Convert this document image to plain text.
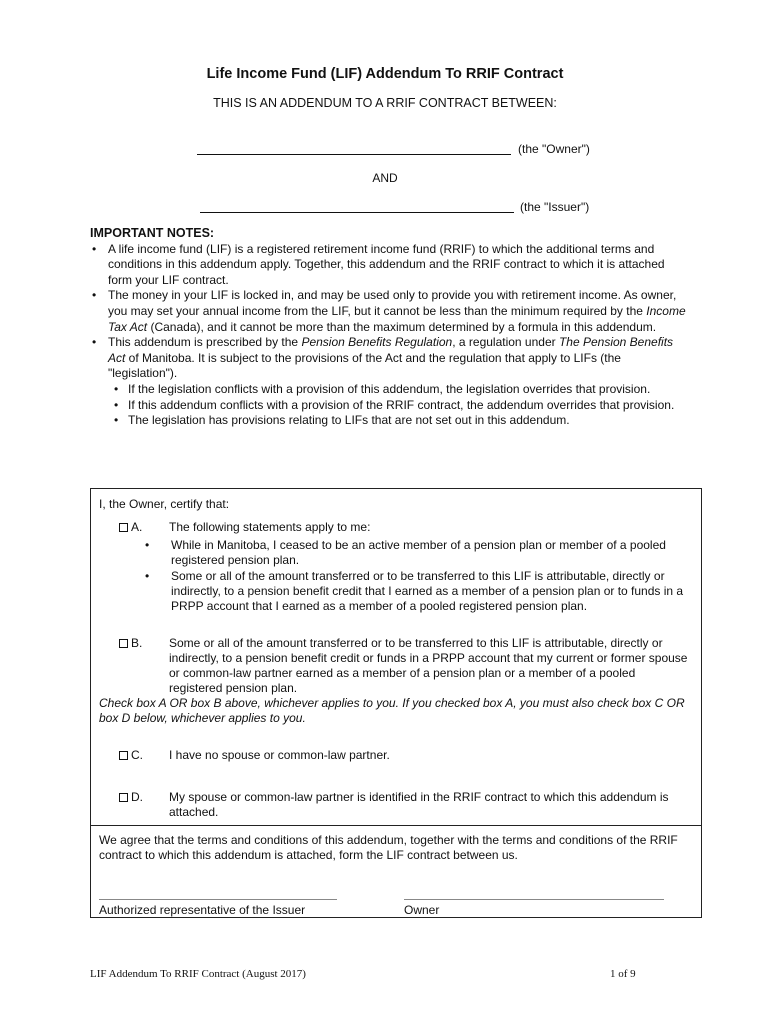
Life Income Fund (LIF) Addendum To RRIF Contract
THIS IS AN ADDENDUM TO A RRIF CONTRACT BETWEEN:
(the "Owner")
AND
(the "Issuer")
IMPORTANT NOTES:
• A life income fund (LIF) is a registered retirement income fund (RRIF) to which the additional terms and conditions in this addendum apply. Together, this addendum and the RRIF contract to which it is attached form your LIF contract.
• The money in your LIF is locked in, and may be used only to provide you with retirement income. As owner, you may set your annual income from the LIF, but it cannot be less than the minimum required by the Income Tax Act (Canada), and it cannot be more than the maximum determined by a formula in this addendum.
• This addendum is prescribed by the Pension Benefits Regulation, a regulation under The Pension Benefits Act of Manitoba. It is subject to the provisions of the Act and the regulation that apply to LIFs (the "legislation").
• If the legislation conflicts with a provision of this addendum, the legislation overrides that provision.
• If this addendum conflicts with a provision of the RRIF contract, the addendum overrides that provision.
• The legislation has provisions relating to LIFs that are not set out in this addendum.
I, the Owner, certify that:
A. The following statements apply to me:
• While in Manitoba, I ceased to be an active member of a pension plan or member of a pooled registered pension plan.
• Some or all of the amount transferred or to be transferred to this LIF is attributable, directly or indirectly, to a pension benefit credit that I earned as a member of a pension plan or to funds in a PRPP account that I earned as a member of a pooled registered pension plan.
B. Some or all of the amount transferred or to be transferred to this LIF is attributable, directly or indirectly, to a pension benefit credit or funds in a PRPP account that my current or former spouse or common-law partner earned as a member of a pension plan or a member of a pooled registered pension plan.
Check box A OR box B above, whichever applies to you. If you checked box A, you must also check box C OR box D below, whichever applies to you.
C. I have no spouse or common-law partner.
D. My spouse or common-law partner is identified in the RRIF contract to which this addendum is attached.
We agree that the terms and conditions of this addendum, together with the terms and conditions of the RRIF contract to which this addendum is attached, form the LIF contract between us.
Authorized representative of the Issuer	Owner
LIF Addendum To RRIF Contract (August 2017)	1 of 9
